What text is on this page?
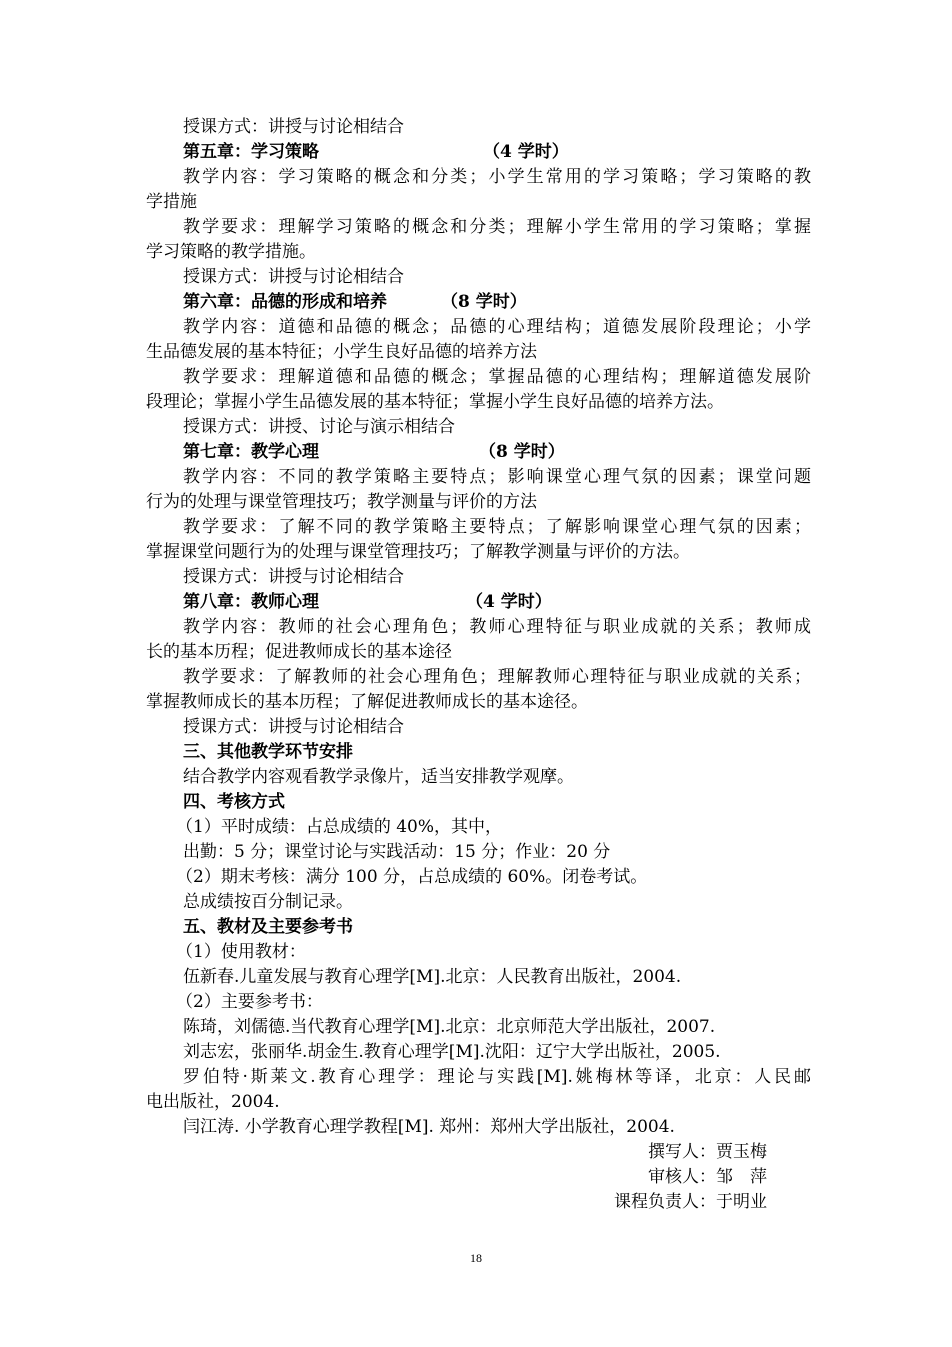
授课方式：讲授与讨论相结合
第五章：学习策略	（4 学时）
教学内容：学习策略的概念和分类；小学生常用的学习策略；学习策略的教
学措施
教学要求：理解学习策略的概念和分类；理解小学生常用的学习策略；掌握
学习策略的教学措施。
授课方式：讲授与讨论相结合
第六章：品德的形成和培养	（8 学时）
教学内容：道德和品德的概念；品德的心理结构；道德发展阶段理论；小学
生品德发展的基本特征；小学生良好品德的培养方法
教学要求：理解道德和品德的概念；掌握品德的心理结构；理解道德发展阶
段理论；掌握小学生品德发展的基本特征；掌握小学生良好品德的培养方法。
授课方式：讲授、讨论与演示相结合
第七章：教学心理	（8 学时）
教学内容：不同的教学策略主要特点；影响课堂心理气氛的因素；课堂问题
行为的处理与课堂管理技巧；教学测量与评价的方法
教学要求：了解不同的教学策略主要特点；了解影响课堂心理气氛的因素；
掌握课堂问题行为的处理与课堂管理技巧；了解教学测量与评价的方法。
授课方式：讲授与讨论相结合
第八章：教师心理	（4 学时）
教学内容：教师的社会心理角色；教师心理特征与职业成就的关系；教师成
长的基本历程；促进教师成长的基本途径
教学要求：了解教师的社会心理角色；理解教师心理特征与职业成就的关系；
掌握教师成长的基本历程；了解促进教师成长的基本途径。
授课方式：讲授与讨论相结合
三、其他教学环节安排
结合教学内容观看教学录像片，适当安排教学观摩。
四、考核方式
（1）平时成绩：占总成绩的 40%，其中，
出勤：5 分；课堂讨论与实践活动：15 分；作业：20 分
（2）期末考核：满分 100 分，占总成绩的 60%。闭卷考试。
总成绩按百分制记录。
五、教材及主要参考书
（1）使用教材：
伍新春.儿童发展与教育心理学[M].北京：人民教育出版社，2004.
（2）主要参考书：
陈琦，刘儒德.当代教育心理学[M].北京：北京师范大学出版社，2007.
刘志宏，张丽华.胡金生.教育心理学[M].沈阳：辽宁大学出版社，2005.
罗伯特·斯莱文.教育心理学：理论与实践[M].姚梅林等译，北京：人民邮
电出版社，2004.
闫江涛. 小学教育心理学教程[M]. 郑州：郑州大学出版社，2004.
撰写人：贾玉梅
审核人：邹　萍
课程负责人：于明业
18
